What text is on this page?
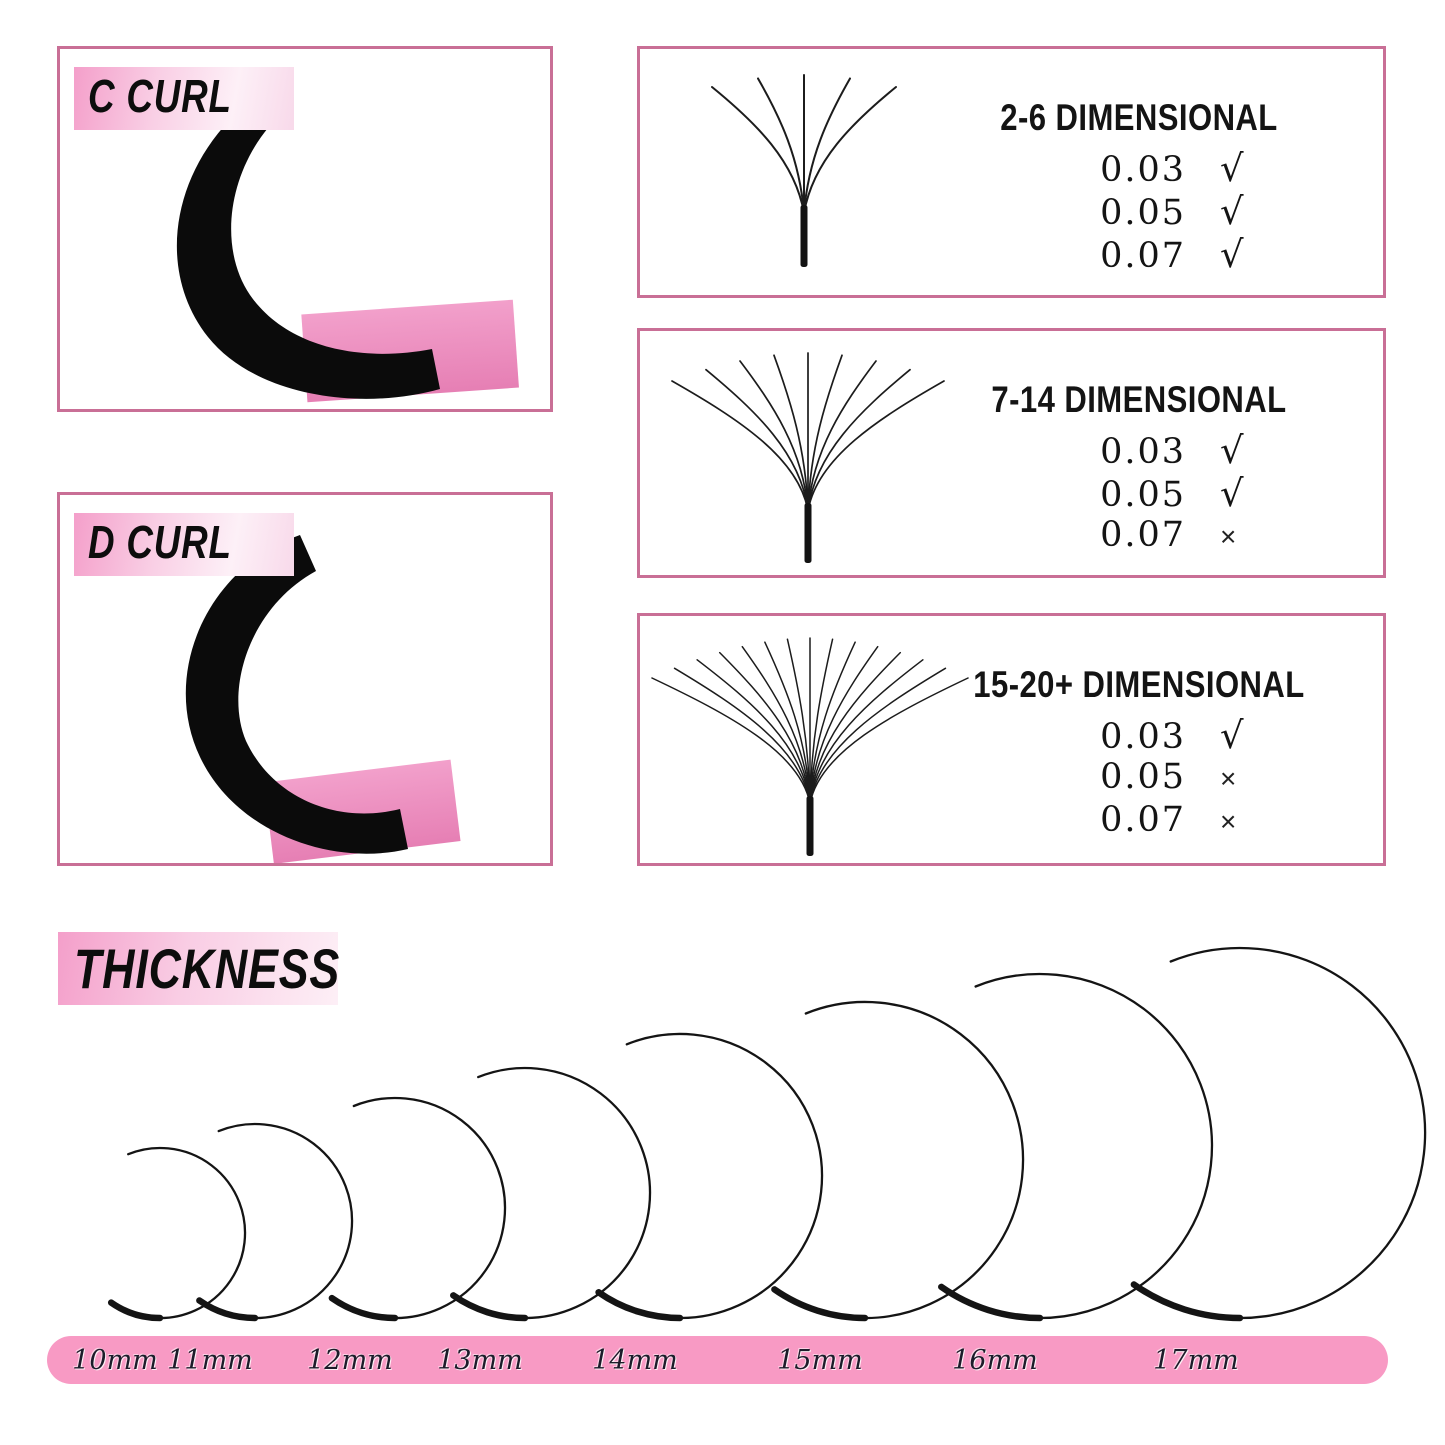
C CURL
D CURL
2-6 DIMENSIONAL
0.03 √
0.05 √
0.07 √
7-14 DIMENSIONAL
0.03 √
0.05 √
0.07 ×
15-20+ DIMENSIONAL
0.03 √
0.05 ×
0.07 ×
THICKNESS
10mm 11mm	12mm	13mm	14mm	15mm	16mm	17mm
